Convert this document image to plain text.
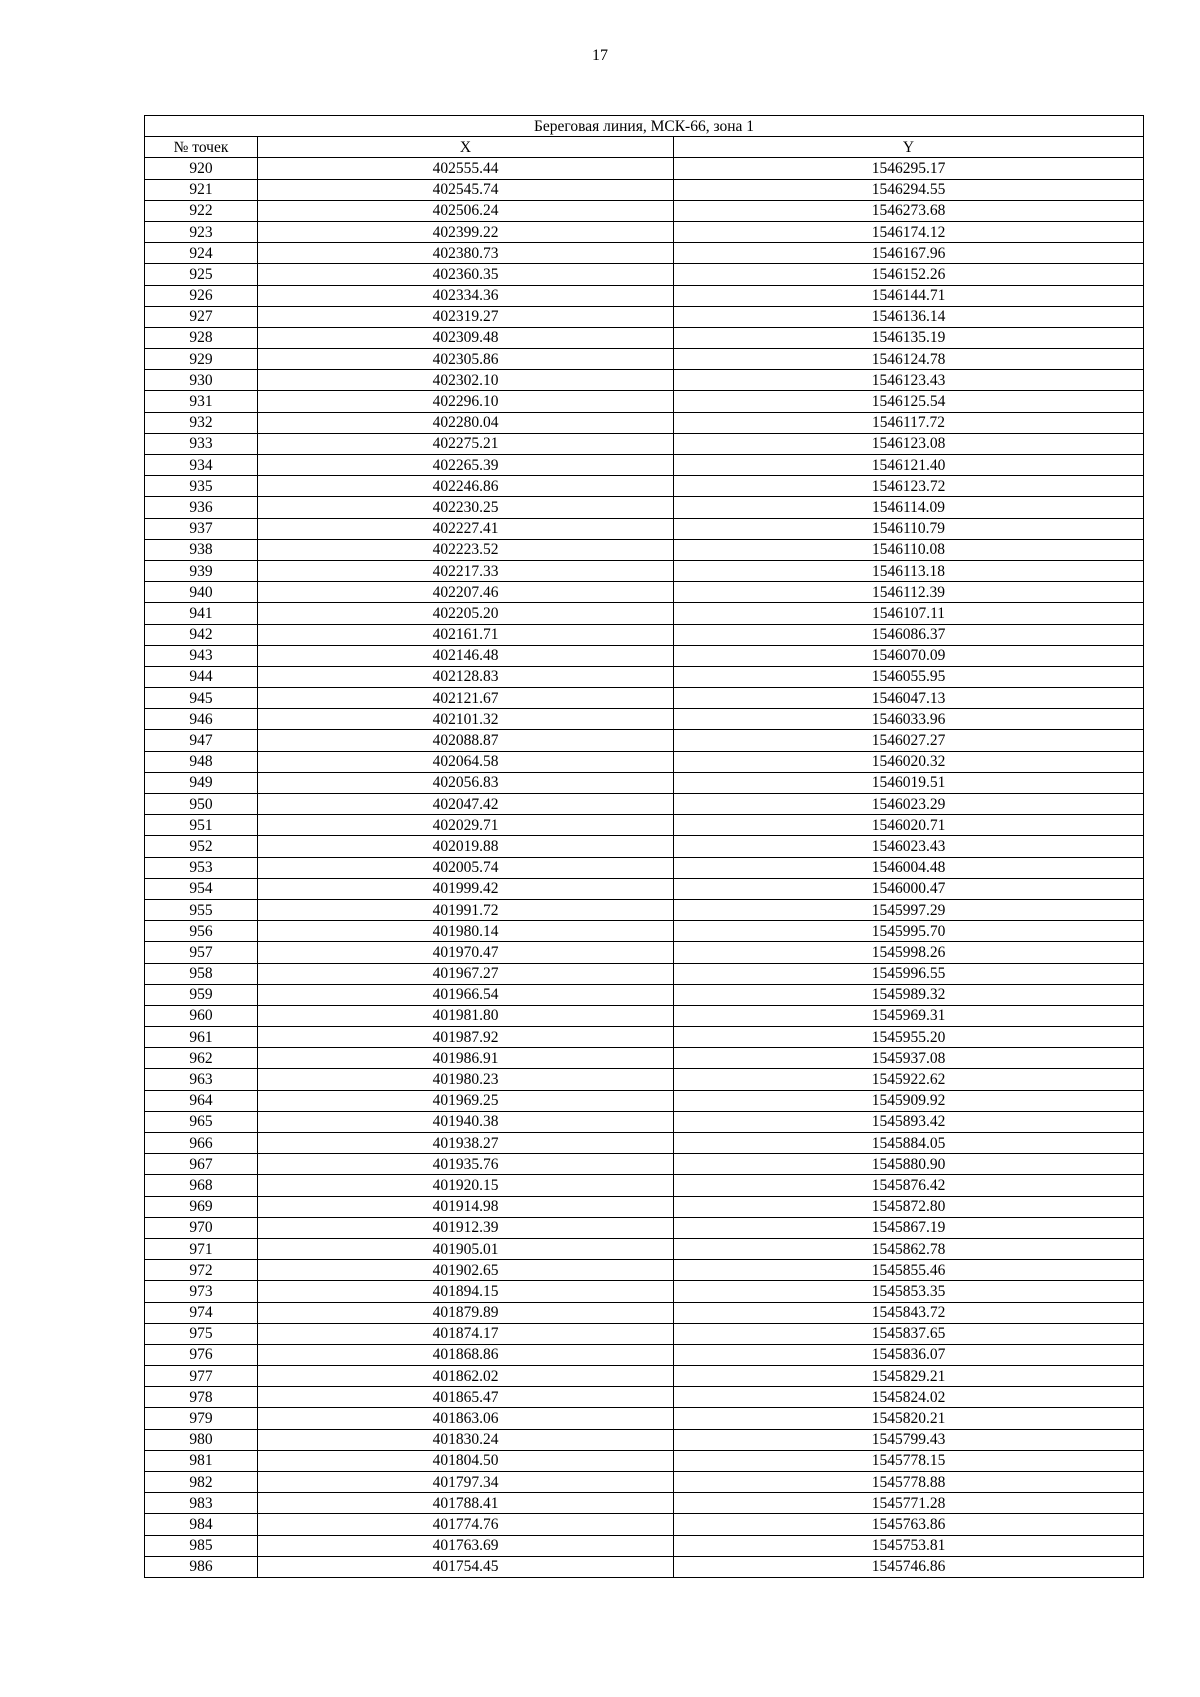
17
Береговая линия, МСК-66, зона 1		
№ точек	X	Y
920	402555.44	1546295.17
921	402545.74	1546294.55
922	402506.24	1546273.68
923	402399.22	1546174.12
924	402380.73	1546167.96
925	402360.35	1546152.26
926	402334.36	1546144.71
927	402319.27	1546136.14
928	402309.48	1546135.19
929	402305.86	1546124.78
930	402302.10	1546123.43
931	402296.10	1546125.54
932	402280.04	1546117.72
933	402275.21	1546123.08
934	402265.39	1546121.40
935	402246.86	1546123.72
936	402230.25	1546114.09
937	402227.41	1546110.79
938	402223.52	1546110.08
939	402217.33	1546113.18
940	402207.46	1546112.39
941	402205.20	1546107.11
942	402161.71	1546086.37
943	402146.48	1546070.09
944	402128.83	1546055.95
945	402121.67	1546047.13
946	402101.32	1546033.96
947	402088.87	1546027.27
948	402064.58	1546020.32
949	402056.83	1546019.51
950	402047.42	1546023.29
951	402029.71	1546020.71
952	402019.88	1546023.43
953	402005.74	1546004.48
954	401999.42	1546000.47
955	401991.72	1545997.29
956	401980.14	1545995.70
957	401970.47	1545998.26
958	401967.27	1545996.55
959	401966.54	1545989.32
960	401981.80	1545969.31
961	401987.92	1545955.20
962	401986.91	1545937.08
963	401980.23	1545922.62
964	401969.25	1545909.92
965	401940.38	1545893.42
966	401938.27	1545884.05
967	401935.76	1545880.90
968	401920.15	1545876.42
969	401914.98	1545872.80
970	401912.39	1545867.19
971	401905.01	1545862.78
972	401902.65	1545855.46
973	401894.15	1545853.35
974	401879.89	1545843.72
975	401874.17	1545837.65
976	401868.86	1545836.07
977	401862.02	1545829.21
978	401865.47	1545824.02
979	401863.06	1545820.21
980	401830.24	1545799.43
981	401804.50	1545778.15
982	401797.34	1545778.88
983	401788.41	1545771.28
984	401774.76	1545763.86
985	401763.69	1545753.81
986	401754.45	1545746.86
